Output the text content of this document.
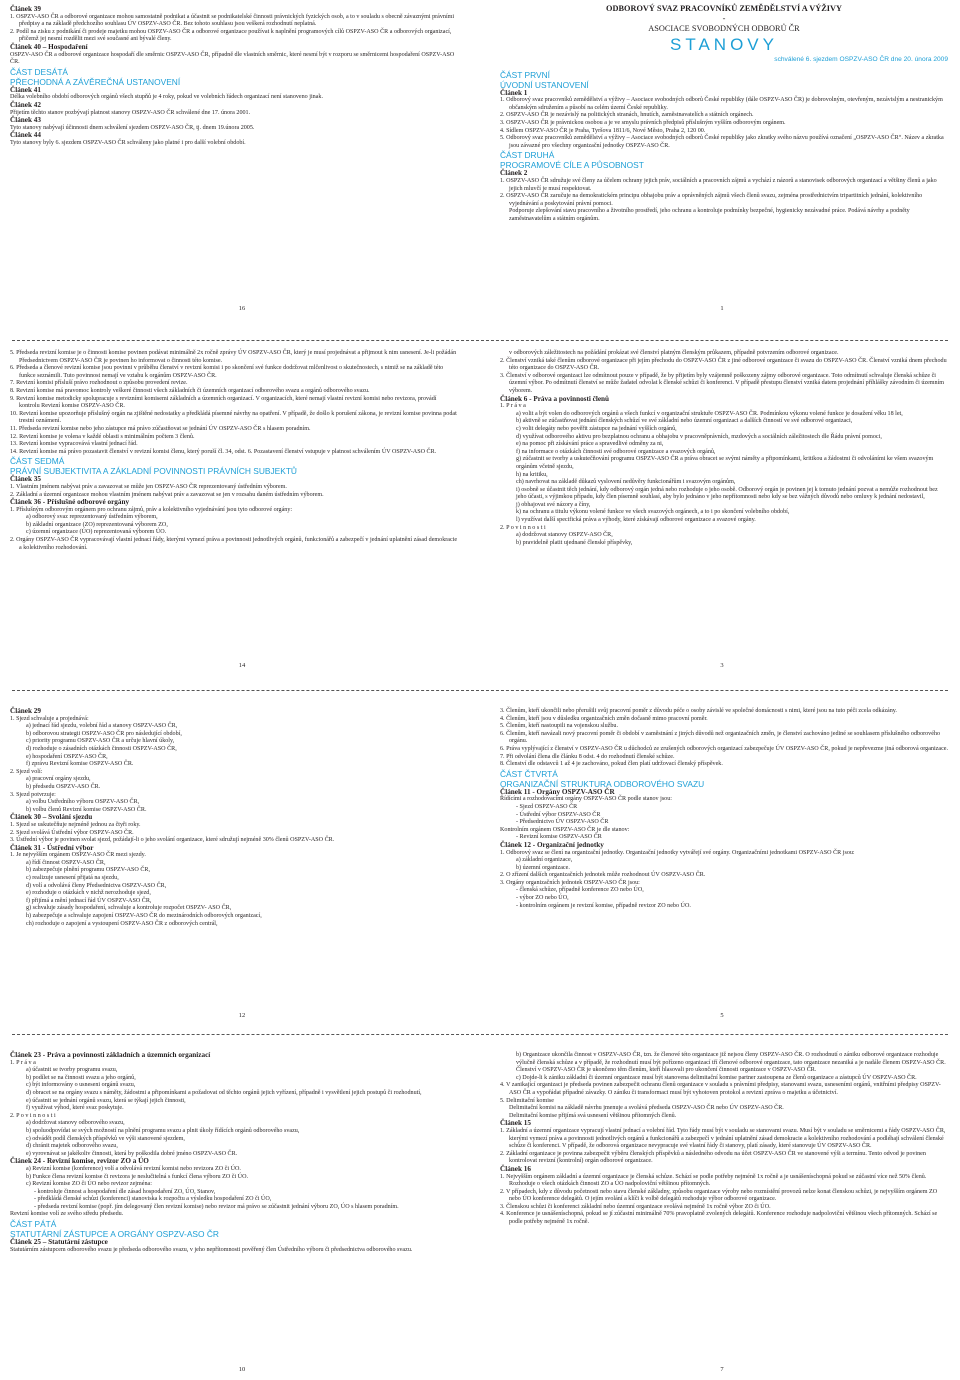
Článek 39
1. OSPZV-ASO ČR a odborové organizace mohou samostatně podnikat a účastnit se podnikatelské činnosti právnických fyzických osob, a to v souladu s obecně závaznými právními předpisy a na základě předchozího souhlasu ÚV OSPZV-ASO ČR. Bez tohoto souhlasu jsou veškerá rozhodnutí neplatná.
2. Podíl na zisku z podnikání či prodeje majetku mohou OSPZV-ASO ČR a odborové organizace používat k naplnění programových cílů OSPZV-ASO ČR a odborových organizací, přičemž jej nesmí rozdělit mezi své současné ani bývalé členy.
Článek 40 – Hospodaření
OSPZV-ASO ČR a odborové organizace hospodaří dle směrnic OSPZV-ASO ČR, případně dle vlastních směrnic, které nesmí být v rozporu se směrnicemi hospodaření OSPZV-ASO ČR.
ČÁST DESÁTÁ
PŘECHODNÁ A ZÁVĚREČNÁ USTANOVENÍ
Článek 41
Délka volebního období odborových orgánů všech stupňů je 4 roky, pokud ve volebních řádech organizací není stanoveno jinak.
Článek 42
Přijetím těchto stanov pozbývají platnost stanovy OSPZV-ASO ČR schválené dne 17. února 2001.
Článek 43
Tyto stanovy nabývají účinnosti dnem schválení sjezdem OSPZV-ASO ČR, tj. dnem 19.února 2005.
Článek 44
Tyto stanovy byly 6. sjezdem OSPZV-ASO ČR schváleny jako platné i pro další volební období.
16
ODBOROVÝ SVAZ PRACOVNÍKŮ ZEMĚDĚLSTVÍ A VÝŽIVY
-
ASOCIACE SVOBODNÝCH ODBORŮ ČR
STANOVY
schválené 6. sjezdem OSPZV-ASO ČR dne 20. února 2009
ČÁST PRVNÍ
ÚVODNÍ USTANOVENÍ
Článek 1
1. Odborový svaz pracovníků zemědělství a výživy – Asociace svobodných odborů České republiky (dále OSPZV-ASO ČR) je dobrovolným, otevřeným, nezávislým a nestranickým občanským sdružením a působí na celém území České republiky.
2. OSPZV-ASO ČR je nezávislý na politických stranách, hnutích, zaměstnavatelích a státních orgánech.
3. OSPZV-ASO ČR je právnickou osobou a je ve smyslu právních předpisů příslušným vyšším odborovým orgánem.
4. Sídlem OSPZV-ASO ČR je Praha, Tyršova 1811/6, Nové Město, Praha 2, 120 00.
5. Odborový svaz pracovníků zemědělství a výživy – Asociace svobodných odborů České republiky jako zkratky svého názvu používá označení „OSPZV-ASO ČR“. Název a zkratka jsou závazné pro všechny organizační jednotky OSPZV-ASO ČR.
ČÁST DRUHÁ
PROGRAMOVÉ CÍLE A PŮSOBNOST
Článek 2
1. OSPZV-ASO ČR sdružuje své členy za účelem ochrany jejich práv, sociálních a pracovních zájmů a vychází z názorů a stanovisek odborových organizací a většiny členů a jako jejich mluvčí je musí respektovat.
2. OSPZV-ASO ČR zaručuje na demokratickém principu obhajobu práv a oprávněných zájmů všech členů svazu, zejména prostřednictvím tripartitních jednání, kolektivního vyjednávání a poskytování právní pomoci.
Podporuje zlepšování stavu pracovního a životního prostředí, jeho ochranu a kontroluje podmínky bezpečné, hygienicky nezávadné práce. Podává návrhy a podněty zaměstnavatelům a státním orgánům.
1
5. Předseda revizní komise je o činnosti komise povinen podávat minimálně 2x ročně zprávy ÚV OSPZV-ASO ČR, který je musí projednávat a přijmout k nim usnesení. Je-li požádán Předsednictvem OSPZV-ASO ČR je povinen ho informovat o činnosti této komise.
6. Předseda a členové revizní komise jsou povinni v průběhu členství v revizní komisi i po skončení své funkce dodržovat mlčenlivost o skutečnostech, s nimiž se na základě této funkce seznámili. Tuto povinnost nemají ve vztahu k orgánům OSPZV-ASO ČR.
7. Revizní komisi přísluší právo rozhodnout o způsobu provedení revize.
8. Revizní komise má pravomoc kontroly veškeré činnosti všech základních či územních organizací odborového svazu a orgánů odborového svazu.
9. Revizní komise metodicky spolupracuje s revizními komisemi základních a územních organizací. V organizacích, které nemají vlastní revizní komisi nebo revizora, provádí kontrolu Revizní komise OSPZV-ASO ČR.
10. Revizní komise upozorňuje příslušný orgán na zjištěné nedostatky a předkládá písemné návrhy na opatření. V případě, že došlo k porušení zákona, je revizní komise povinna podat trestní oznámení.
11. Předseda revizní komise nebo jeho zástupce má právo zúčastňovat se jednání ÚV OSPZV-ASO ČR s hlasem poradním.
12. Revizní komise je volena v každé oblasti s minimálním počtem 3 členů.
13. Revizní komise vypracovává vlastní jednací řád.
14. Revizní komise má právo pozastavit členství v revizní komisi členu, který poruší čl. 34, odst. 6. Pozastavení členství vstupuje v platnost schválením ÚV OSPZV-ASO ČR.
ČÁST SEDMÁ
PRÁVNÍ SUBJEKTIVITA A ZÁKLADNÍ POVINNOSTI PRÁVNÍCH SUBJEKTŮ
Článek 35
1. Vlastním jménem nabývat práv a zavazovat se může jen OSPZV-ASO ČR reprezentovaný ústředním výborem.
2. Základní a územní organizace mohou vlastním jménem nabývat práv a zavazovat se jen v rozsahu daném ústředním výborem.
Článek 36 - Příslušné odborové orgány
1. Příslušným odborovým orgánem pro ochranu zájmů, práv a kolektivního vyjednávání jsou tyto odborové orgány:
a) odborový svaz reprezentovaný ústředním výborem,
b) základní organizace (ZO) reprezentovaná výborem ZO,
c) územní organizace (ÚO) reprezentovaná výborem ÚO.
2. Orgány OSPZV-ASO ČR vypracovávají vlastní jednací řády, kterými vymezí práva a povinnosti jednotlivých orgánů, funkcionářů a zabezpečí v jednání uplatnění zásad demokracie a kolektivního rozhodování.
14
v odborových záležitostech na požádání prokázat své členství platným členským průkazem, případně potvrzením odborové organizace.
2. Členství vzniká také členům odborové organizace při jejím přechodu do OSPZV-ASO ČR z jiné odborové organizace či svazu do OSPZV-ASO ČR. Členství vzniká dnem přechodu této organizace do OSPZV-ASO ČR.
3. Členství v odborové organizaci lze odmítnout pouze v případě, že by přijetím byly vzájemně poškozeny zájmy odborové organizace. Toto odmítnutí schvaluje členská schůze či územní výbor. Po odmítnutí členství se může žadatel odvolat k členské schůzi či konferenci. V případě přestupu členství vzniká datem projednání příhlášky závodním či územním výborem.
Článek 6 - Práva a povinnosti členů
1. P r á v a
a) volit a být volen do odborových orgánů a všech funkcí v organizační struktuře OSPZV-ASO ČR. Podmínkou výkonu volené funkce je dosažení věku 18 let,
b) aktivně se zúčastňovat jednání členských schůzí ve své základní nebo územní organizaci a dalších činností ve své odborové organizaci,
c) volit delegáty nebo pověřit zástupce na jednání vyšších orgánů,
d) využívat odborového aktivu pro bezplatnou ochranu a obhajobu v pracovněprávních, mzdových a sociálních záležitostech dle Řádu právní pomoci,
e) na pomoc při získávání práce a spravedlivé odměny za ni,
f) na informace o otázkách činnosti své odborové organizace a svazových orgánů,
g) zúčastnit se tvorby a uskutečňování programu OSPZV-ASO ČR a práva obracet se svými náměty a připomínkami, kritikou a žádostmi či odvoláními ke všem svazovým orgánům včetně sjezdu,
h) na kritiku,
ch) navrhovat na základě důkazů vyslovení nedůvěry funkcionářům i svazovým orgánům,
i) osobně se účastnit těch jednání, kdy odborový orgán jedná nebo rozhoduje o jeho osobě. Odborový orgán je povinen jej k tomuto jednání pozvat a nemůže rozhodnout bez jeho účasti, s výjimkou případu, kdy člen písemně souhlasí, aby bylo jednáno v jeho nepřítomnosti nebo kdy se bez vážných důvodů nebo omluvy k jednání nedostavil,
j) obhajovat své názory a číny,
k) na ochranu a titulu výkonu volené funkce ve všech svazových orgánech, a to i po skončení volebního období,
l) využívat další specifická práva a výhody, které získávají odborové organizace a svazové orgány.
2. P o v i n n o s t i
a) dodržovat stanovy OSPZV-ASO ČR,
b) pravidelně platit ujednané členské příspěvky,
3
Článek 29
1. Sjezd schvaluje a projednává:
a) jednací řád sjezdu, volební řád a stanovy OSPZV-ASO ČR,
b) odborovou strategii OSPZV-ASO ČR pro následující období,
c) priority programu OSPZV-ASO ČR a určuje hlavní úkoly,
d) rozhoduje o zásadních otázkách činnosti OSPZV-ASO ČR,
e) hospodaření OSPZV-ASO ČR,
f) zprávu Revizní komise OSPZV-ASO ČR.
2. Sjezd volí:
a) pracovní orgány sjezdu,
b) předsedu OSPZV-ASO ČR.
3. Sjezd potvrzuje:
a) volbu Ústředního výboru OSPZV-ASO ČR,
b) volbu členů Revizní komise OSPZV-ASO ČR.
Článek 30 – Svolání sjezdu
1. Sjezd se uskutečňuje nejméně jednou za čtyři roky.
2. Sjezd svolává Ústřední výbor OSPZV-ASO ČR.
3. Ústřední výbor je povinen svolat sjezd, požádají-li o jeho svolání organizace, které sdružují nejméně 30% členů OSPZV-ASO ČR.
Článek 31 - Ústřední výbor
1. Je nejvyšším orgánem OSPZV-ASO ČR mezi sjezdy.
a) řídí činnost OSPZV-ASO ČR,
b) zabezpečuje plnění programu OSPZV-ASO ČR,
c) realizuje usnesení přijatá na sjezdu,
d) volí a odvolává členy Předsednictva OSPZV-ASO ČR,
e) rozhoduje o otázkách v nichž nerozhoduje sjezd,
f) přijímá a mění jednací řád ÚV OSPZV-ASO ČR,
g) schvaluje zásady hospodaření, schvaluje a kontroluje rozpočet OSPZV- ASO ČR,
h) zabezpečuje a schvaluje zapojení OSPZV-ASO ČR do mezinárodních odborových organizací,
ch) rozhoduje o zapojení a vystoupení OSPZV-ASO ČR z odborových centrál,
12
3. Členům, kteří ukončili nebo přerušili svůj pracovní poměr z důvodu péče o osoby závislé ve společné domácnosti s nimi, které jsou na tuto péči zcela odkázány.
4. Členům, kteří jsou v důsledku organizačních změn dočasně mimo pracovní poměr.
5. Členům, kteří nastoupili na vojenskou službu.
6. Členům, kteří navázali nový pracovní poměr či období v zaměstnání z jiných důvodů než organizačních změn, je členství zachováno jediné se souhlasem příslušného odborového orgánu.
6. Práva vyplývající z členství v OSPZV-ASO ČR u důchodců ze zrušených odborových organizací zabezpečuje ÚV OSPZV-ASO ČR, pokud je nepřevezme jiná odborová organizace.
7. Při odvolání člena dle článku 8 odst. 4 do rozhodnutí členské schůze.
8. Členství dle odstavců 1 až 4 je zachováno, pokud člen platí udržovací členský příspěvek.
ČÁST ČTVRTÁ
ORGANIZAČNÍ STRUKTURA ODBOROVÉHO SVAZU
Článek 11 - Orgány OSPZV-ASO ČR
Řídícími a rozhodovacími orgány OSPZV-ASO ČR podle stanov jsou:
- Sjezd OSPZV-ASO ČR
- Ústřední výbor OSPZV-ASO ČR
- Předsednictvo ÚV OSPZV-ASO ČR
Kontrolním orgánem OSPZV-ASO ČR je dle stanov:
- Revizní komise OSPZV-ASO ČR
Článek 12 - Organizační jednotky
1. Odborový svaz se člení na organizační jednotky. Organizační jednotky vytvářejí své orgány. Organizačními jednotkami OSPZV-ASO ČR jsou:
a) základní organizace,
b) územní organizace.
2. O zřízení dalších organizačních jednotek může rozhodnout ÚV OSPZV-ASO ČR.
3. Orgány organizačních jednotek OSPZV-ASO ČR jsou:
- členská schůze, případně konference ZO nebo ÚO,
- výbor ZO nebo ÚO,
- kontrolním orgánem je revizní komise, případně revizor ZO nebo ÚO.
5
Článek 23 - Práva a povinnosti základních a územních organizací
1. P r á v a
a) účastnit se tvorby programu svazu,
b) podílet se na činnosti svazu a jeho orgánů,
c) být informovány o usneseni orgánů svazu,
d) obracet se na orgány svazu s náměty, žádostmi a připomínkami a požadovat od těchto orgánů jejich vyřízení, případně i vysvětlení jejich postupů či rozhodnutí,
e) účastnit se jednání orgánů svazu, která se týkají jejich činnosti,
f) využívat výhod, které svaz poskytuje.
2. P o v i n n o s t i
a) dodržovat stanovy odborového svazu,
b) spoluodpovídat se svých možností na plnění programu svazu a plnit úkoly řídících orgánů odborového svazu,
c) odvádět podíl členských příspěvků ve výši stanovené sjezdem,
d) chránit majetek odborového svazu,
e) vyrovnávat se jakékoliv činnosti, která by poškodila dobré jméno OSPZV-ASO ČR.
Článek 24 - Revizní komise, revizor ZO a ÚO
a) Revizní komise (konference) volí a odvolává revizní komisi nebo revizora ZO či ÚO.
b) Funkce člena revizní komise či revizora je neslučitelná s funkcí člena výboru ZO či ÚO.
c) Revizní komise ZO či ÚO nebo revizor zejména:
- kontroluje činnost a hospodaření dle zásad hospodaření ZO, ÚO, Stanov,
- předkládá členské schůzi (konferenci) stanoviska k rozpočtu a výsledku hospodaření ZO či ÚO,
- předseda revizní komise (popř. jím delegovaný člen revizní komise) nebo revizor má právo se zúčastnit jednání výboru ZO, ÚO s hlasem poradním.
Revizní komise volí ze svého středu předsedu.
ČÁST PÁTÁ
STATUTÁRNÍ ZÁSTUPCE A ORGÁNY OSPZV-ASO ČR
Článek 25 – Statutární zástupce
Statutárním zástupcem odborového svazu je předseda odborového svazu, v jeho nepřítomnosti pověřený člen Ústředního výboru či předsednictva odborového svazu.
10
b) Organizace ukončila činnost v OSPZV-ASO ČR, tzn. že členové této organizace již nejsou členy OSPZV-ASO ČR. O rozhodnutí o zániku odborové organizace rozhoduje výlučně členská schůze a v případě, že rozhodnutí musí být pořízeno organizací tří členové odborové organizace, tato organizace nezaniká a je nadále členem OSPZV-ASO ČR. Členství v OSPZV-ASO ČR je ukončeno těm členům, kteří hlasovali pro ukončení činnosti organizace v OSPZV-ASO ČR.
c) Dojde-li k zániku základní či územní organizace musí být stanovena delimitační komise partner zastoupena ze členů organizace a zástupců ÚV OSPZV-ASO ČR.
4. V zanikající organizaci je předseda povinen zabezpečit ochranu členů organizace v souladu s právními předpisy, stanovami svazu, usneseními orgánů, vnitřními předpisy OSPZV-ASO ČR a vypořádat případné závazky. O zániku či transformaci musí být vyhotoven protokol a revizní zpráva o majetku a účetnictví.
5. Delimitační komise
Delimitační komisi na základě návrhu jmenuje a svolává předseda OSPZV-ASO ČR nebo ÚV OSPZV-ASO ČR.
Delimitační komise přijímá svá usnesení většinou přítomných členů.
Článek 15
1. Základní a územní organizace vypracují vlastní jednací a volební řád. Tyto řády musí být v souladu se stanovami svazu. Musí být v souladu se směrnicemi a řády OSPZV-ASO ČR, kterými vymezí práva a povinnosti jednotlivých orgánů a funkcionářů a zabezpečí v jednání uplatnění zásad demokracie a kolektivního rozhodování a podléhají schválení členské schůze či konferenci. V případě, že odborová organizace nevypracuje své vlastní řády či stanovy, platí zásady, které stanovuje ÚV OSPZV-ASO ČR.
2. Základní organizace je povinna zabezpečit výběru členských příspěvků a následného odvodu na účet OSPZV-ASO ČR ve stanovené výši a termínu. Tento odvod je povinen kontrolovat revizní (kontrolní) orgán odborové organizace.
Článek 16
1. Nejvyšším orgánem základní a územní organizace je členská schůze. Schází se podle potřeby nejméně 1x ročně a je usnášeníschopná pokud se zúčastní více než 50% členů. Rozhoduje o všech otázkách činnosti ZO a ÚO nadpoloviční většinou přítomných.
2. V případech, kdy z důvodu početnosti nebo stavu členské základny, způsobu organizace výroby nebo rozmístění provozů nelze konat členskou schůzi, je nejvyšším orgánem ZO nebo ÚO konference delegátů. O jejím svolání a klíči k volbě delegátů rozhoduje výbor odborové organizace.
3. Členskou schůzi či konferenci základní nebo územní organizace svolává nejméně 1x ročně výbor ZO či ÚO.
4. Konference je usnášeníschopná, pokud se jí zúčastní minimálně 70% pravoplatně zvolených delegátů. Konference rozhoduje nadpoloviční většinou všech přítomných. Schází se podle potřeby nejméně 1x ročně.
7
